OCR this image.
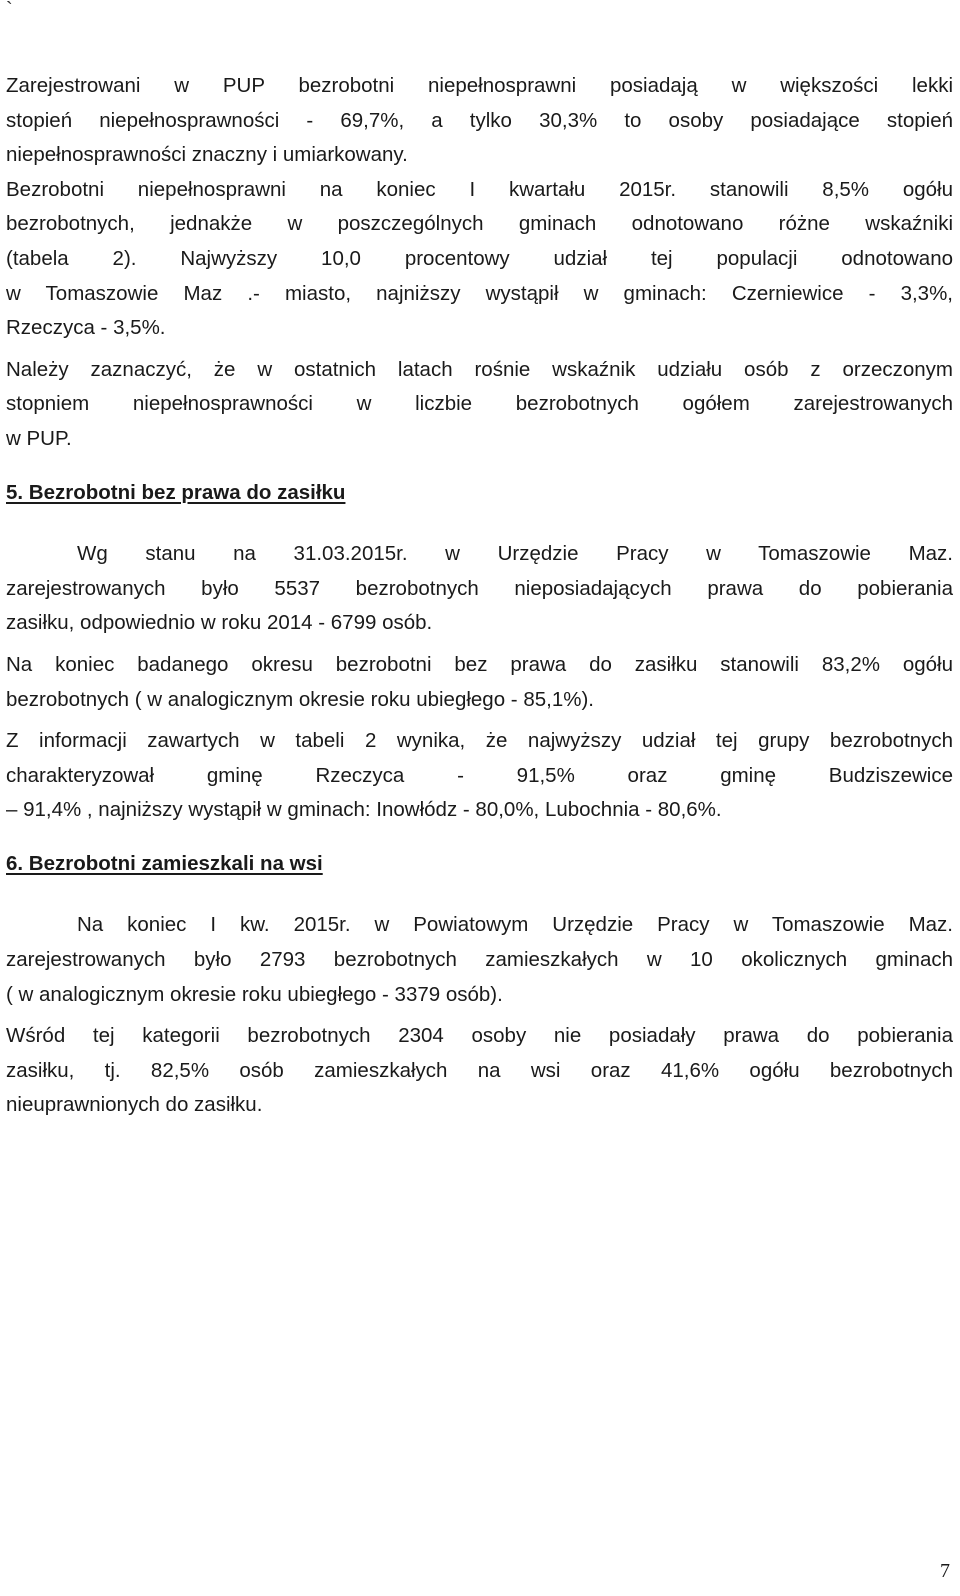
`
Zarejestrowani w PUP bezrobotni niepełnosprawni posiadają w większości lekki
stopień niepełnosprawności - 69,7%, a tylko 30,3% to osoby posiadające stopień
niepełnosprawności znaczny i umiarkowany.
Bezrobotni niepełnosprawni na koniec I kwartału 2015r. stanowili 8,5% ogółu
bezrobotnych, jednakże w poszczególnych gminach odnotowano różne wskaźniki
(tabela 2). Najwyższy 10,0 procentowy udział tej populacji odnotowano
w Tomaszowie Maz .- miasto, najniższy wystąpił w gminach: Czerniewice - 3,3%,
Rzeczyca - 3,5%.
Należy zaznaczyć, że w ostatnich latach rośnie wskaźnik udziału osób z orzeczonym
stopniem niepełnosprawności w liczbie bezrobotnych ogółem zarejestrowanych
w PUP.
5. Bezrobotni bez prawa do zasiłku
Wg stanu na 31.03.2015r. w Urzędzie Pracy w Tomaszowie Maz.
zarejestrowanych było 5537 bezrobotnych nieposiadających prawa do pobierania
zasiłku, odpowiednio w roku 2014 - 6799 osób.
Na koniec badanego okresu bezrobotni bez prawa do zasiłku stanowili 83,2% ogółu
bezrobotnych ( w analogicznym okresie roku ubiegłego - 85,1%).
Z informacji zawartych w tabeli 2 wynika, że najwyższy udział tej grupy bezrobotnych
charakteryzował gminę Rzeczyca - 91,5% oraz gminę Budziszewice
– 91,4% , najniższy wystąpił w gminach: Inowłódz - 80,0%, Lubochnia - 80,6%.
6. Bezrobotni zamieszkali na wsi
Na koniec I kw. 2015r. w Powiatowym Urzędzie Pracy w Tomaszowie Maz.
zarejestrowanych było 2793 bezrobotnych zamieszkałych w 10 okolicznych gminach
( w analogicznym okresie roku ubiegłego - 3379 osób).
Wśród tej kategorii bezrobotnych 2304 osoby nie posiadały prawa do pobierania
zasiłku, tj. 82,5% osób zamieszkałych na wsi oraz 41,6% ogółu bezrobotnych
nieuprawnionych do zasiłku.
7
